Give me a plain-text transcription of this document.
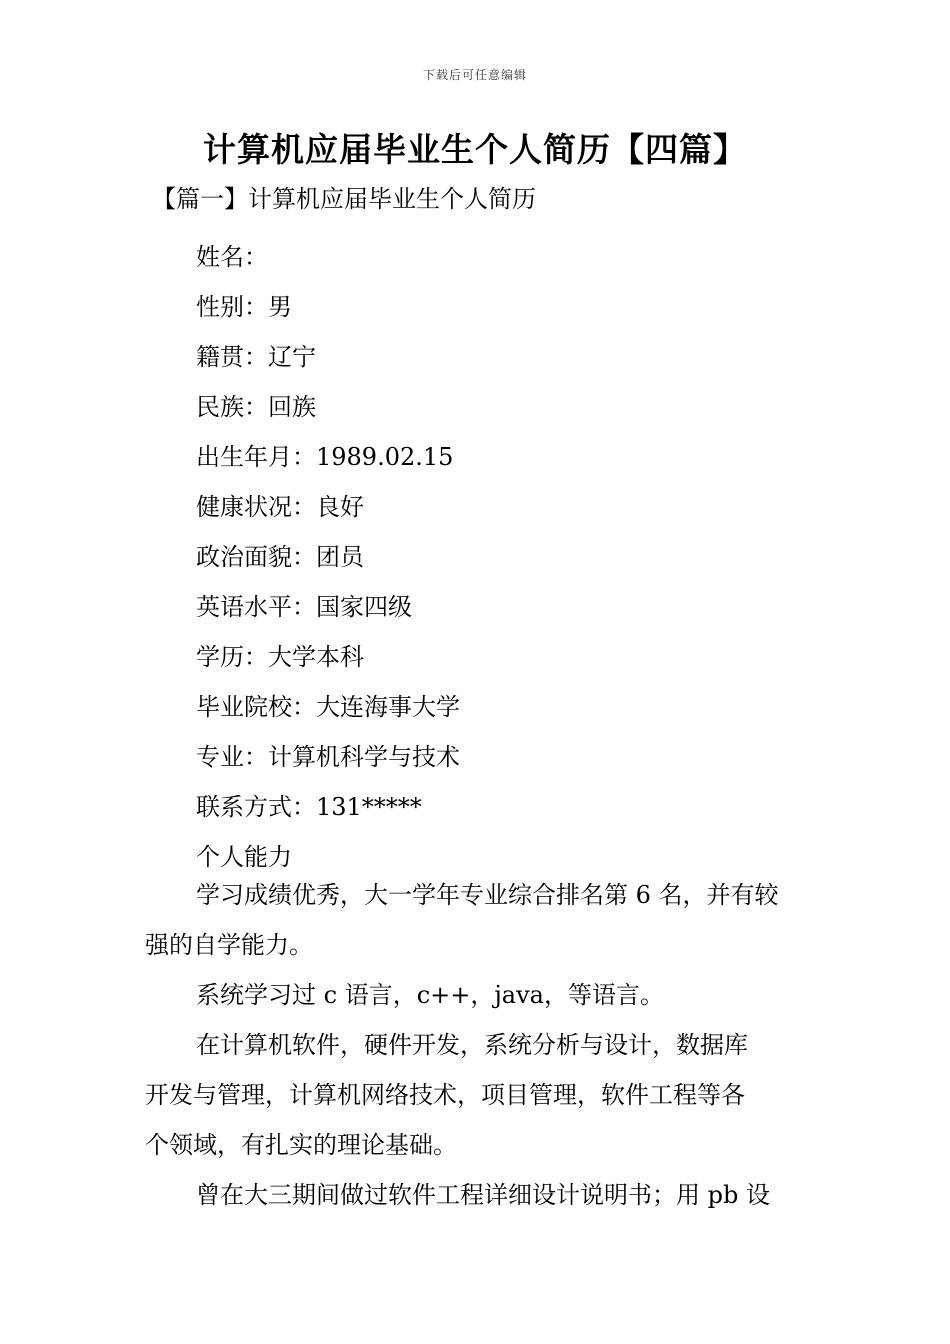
下载后可任意编辑
计算机应届毕业生个人简历【四篇】
【篇一】计算机应届毕业生个人简历
姓名：
性别：男
籍贯：辽宁
民族：回族
出生年月：1989.02.15
健康状况：良好
政治面貌：团员
英语水平：国家四级
学历：大学本科
毕业院校：大连海事大学
专业：计算机科学与技术
联系方式：131*****
个人能力

学习成绩优秀，大一学年专业综合排名第 6 名，并有较
强的自学能力。

系统学习过 c 语言，c++，java，等语言。

在计算机软件，硬件开发，系统分析与设计，数据库
开发与管理，计算机网络技术，项目管理，软件工程等各
个领域，有扎实的理论基础。

曾在大三期间做过软件工程详细设计说明书；用 pb 设
